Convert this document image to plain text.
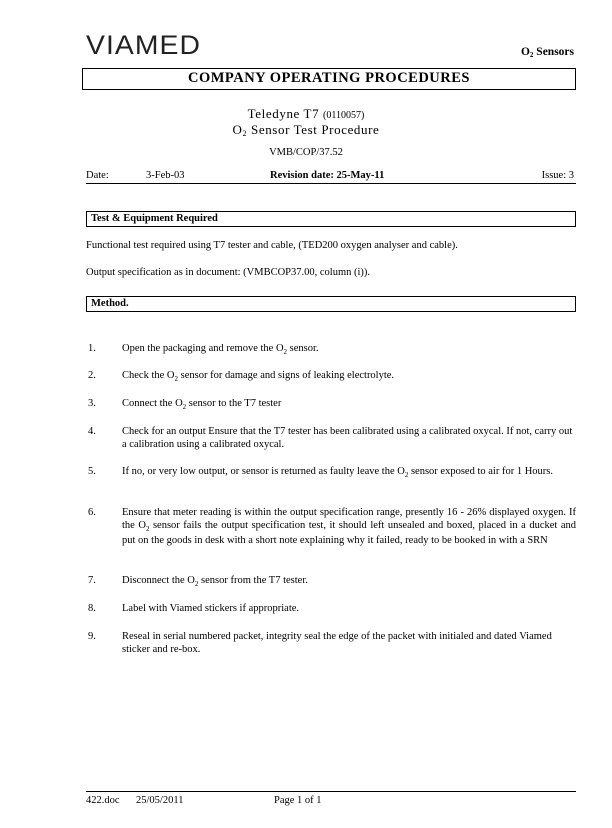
VIAMED	$O_2$ Sensors
COMPANY OPERATING PROCEDURES
Teledyne T7 (0110057)
$O_2$ Sensor Test Procedure
VMB/COP/37.52
Date:	3-Feb-03	Revision date: 25-May-11	Issue: 3
Test & Equipment Required
Functional test required using T7 tester and cable, (TED200 oxygen analyser and cable).
Output specification as in document: (VMBCOP37.00, column (i)).
Method.
1. Open the packaging and remove the $O_2$ sensor.
2. Check the $O_2$ sensor for damage and signs of leaking electrolyte.
3. Connect the $O_2$ sensor to the T7 tester
4. Check for an output Ensure that the T7 tester has been calibrated using a calibrated oxycal. If not, carry out a calibration using a calibrated oxycal.
5. If no, or very low output, or sensor is returned as faulty leave the $O_2$ sensor exposed to air for 1 Hours.
6. Ensure that meter reading is within the output specification range, presently 16 - 26% displayed oxygen. If the $O_2$ sensor fails the output specification test, it should left unsealed and boxed, placed in a ducket and put on the goods in desk with a short note explaining why it failed, ready to be booked in with a SRN
7. Disconnect the $O_2$ sensor from the T7 tester.
8. Label with Viamed stickers if appropriate.
9. Reseal in serial numbered packet, integrity seal the edge of the packet with initialed and dated Viamed sticker and re-box.
422.doc 25/05/2011	Page 1 of 1
